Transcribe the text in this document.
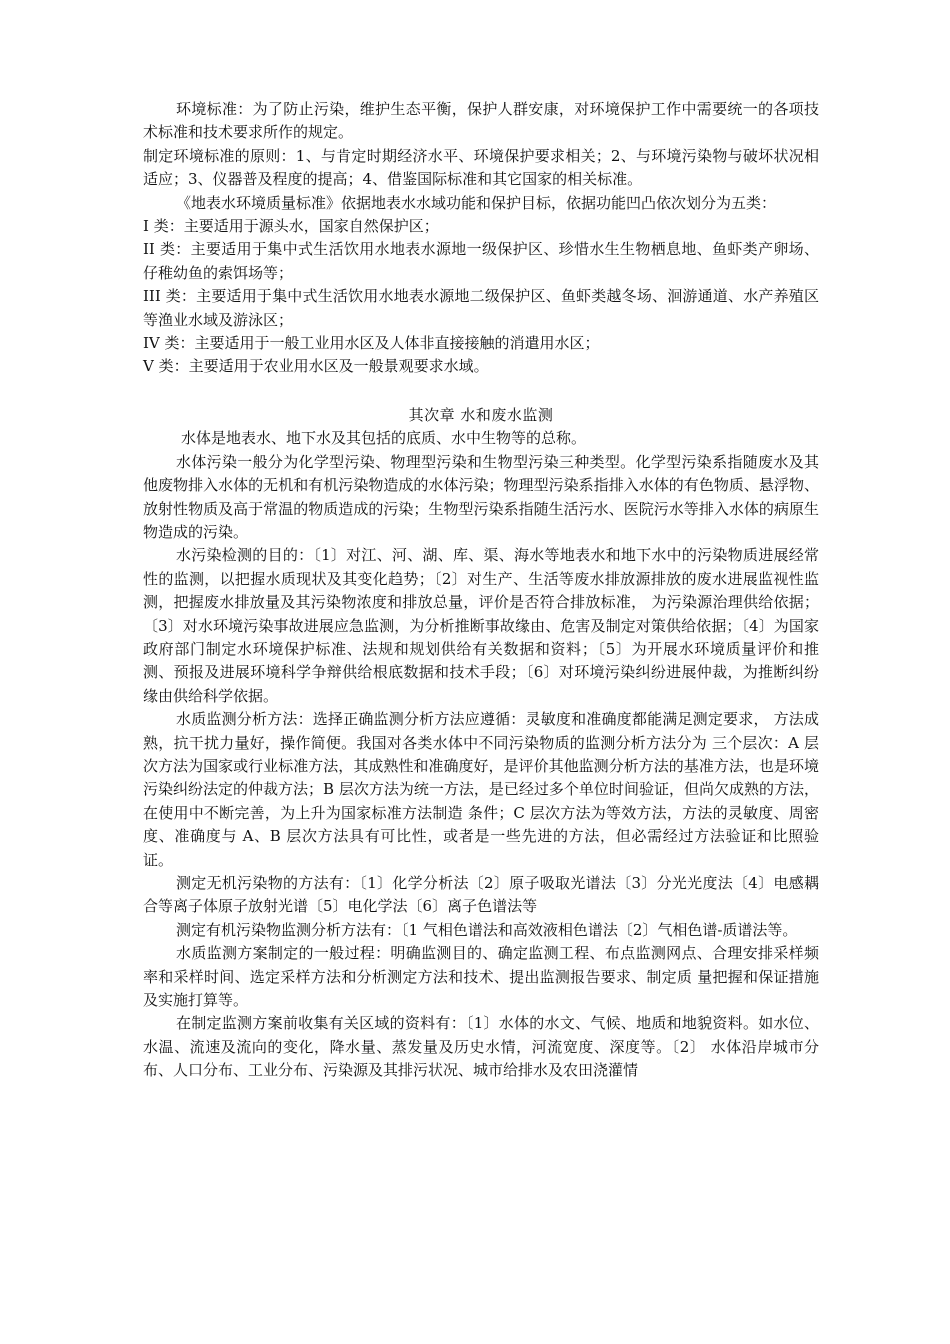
环境标准：为了防止污染，维护生态平衡，保护人群安康，对环境保护工作中需要统一的各项技术标准和技术要求所作的规定。

制定环境标准的原则：1、与肯定时期经济水平、环境保护要求相关；2、与环境污染物与破坏状况相适应；3、仪器普及程度的提高；4、借鉴国际标准和其它国家的相关标准。

《地表水环境质量标准》依据地表水水域功能和保护目标，依据功能凹凸依次划分为五类：

I 类：主要适用于源头水，国家自然保护区；

II 类：主要适用于集中式生活饮用水地表水源地一级保护区、珍惜水生生物栖息地、鱼虾类产卵场、仔稚幼鱼的索饵场等；

III 类：主要适用于集中式生活饮用水地表水源地二级保护区、鱼虾类越冬场、洄游通道、水产养殖区等渔业水域及游泳区；

IV 类：主要适用于一般工业用水区及人体非直接接触的消遣用水区；

V 类：主要适用于农业用水区及一般景观要求水域。

其次章 水和废水监测

水体是地表水、地下水及其包括的底质、水中生物等的总称。

水体污染一般分为化学型污染、物理型污染和生物型污染三种类型。化学型污染系指随废水及其他废物排入水体的无机和有机污染物造成的水体污染；物理型污染系指排入水体的有色物质、悬浮物、放射性物质及高于常温的物质造成的污染；生物型污染系指随生活污水、医院污水等排入水体的病原生物造成的污染。

水污染检测的目的：〔1〕对江、河、湖、库、渠、海水等地表水和地下水中的污染物质进展经常性的监测，以把握水质现状及其变化趋势；〔2〕对生产、生活等废水排放源排放的废水进展监视性监测，把握废水排放量及其污染物浓度和排放总量，评价是否符合排放标准， 为污染源治理供给依据；〔3〕对水环境污染事故进展应急监测，为分析推断事故缘由、危害及制定对策供给依据；〔4〕为国家政府部门制定水环境保护标准、法规和规划供给有关数据和资料；〔5〕为开展水环境质量评价和推测、预报及进展环境科学争辩供给根底数据和技术手段；〔6〕对环境污染纠纷进展仲裁，为推断纠纷缘由供给科学依据。

水质监测分析方法：选择正确监测分析方法应遵循：灵敏度和准确度都能满足测定要求， 方法成熟，抗干扰力量好，操作简便。我国对各类水体中不同污染物质的监测分析方法分为 三个层次：A 层次方法为国家或行业标准方法，其成熟性和准确度好，是评价其他监测分析方法的基准方法，也是环境污染纠纷法定的仲裁方法；B 层次方法为统一方法，是已经过多个单位时间验证，但尚欠成熟的方法，在使用中不断完善，为上升为国家标准方法制造 条件；C 层次方法为等效方法，方法的灵敏度、周密度、准确度与 A、B 层次方法具有可比性，或者是一些先进的方法，但必需经过方法验证和比照验证。

测定无机污染物的方法有：〔1〕化学分析法〔2〕原子吸取光谱法〔3〕分光光度法〔4〕电感耦合等离子体原子放射光谱〔5〕电化学法〔6〕离子色谱法等

测定有机污染物监测分析方法有：〔1 气相色谱法和高效液相色谱法〔2〕气相色谱-质谱法等。

水质监测方案制定的一般过程：明确监测目的、确定监测工程、布点监测网点、合理安排采样频率和采样时间、选定采样方法和分析测定方法和技术、提出监测报告要求、制定质 量把握和保证措施及实施打算等。

在制定监测方案前收集有关区域的资料有：〔1〕水体的水文、气候、地质和地貌资料。如水位、水温、流速及流向的变化，降水量、蒸发量及历史水情，河流宽度、深度等。〔2〕 水体沿岸城市分布、人口分布、工业分布、污染源及其排污状况、城市给排水及农田浇灌情
